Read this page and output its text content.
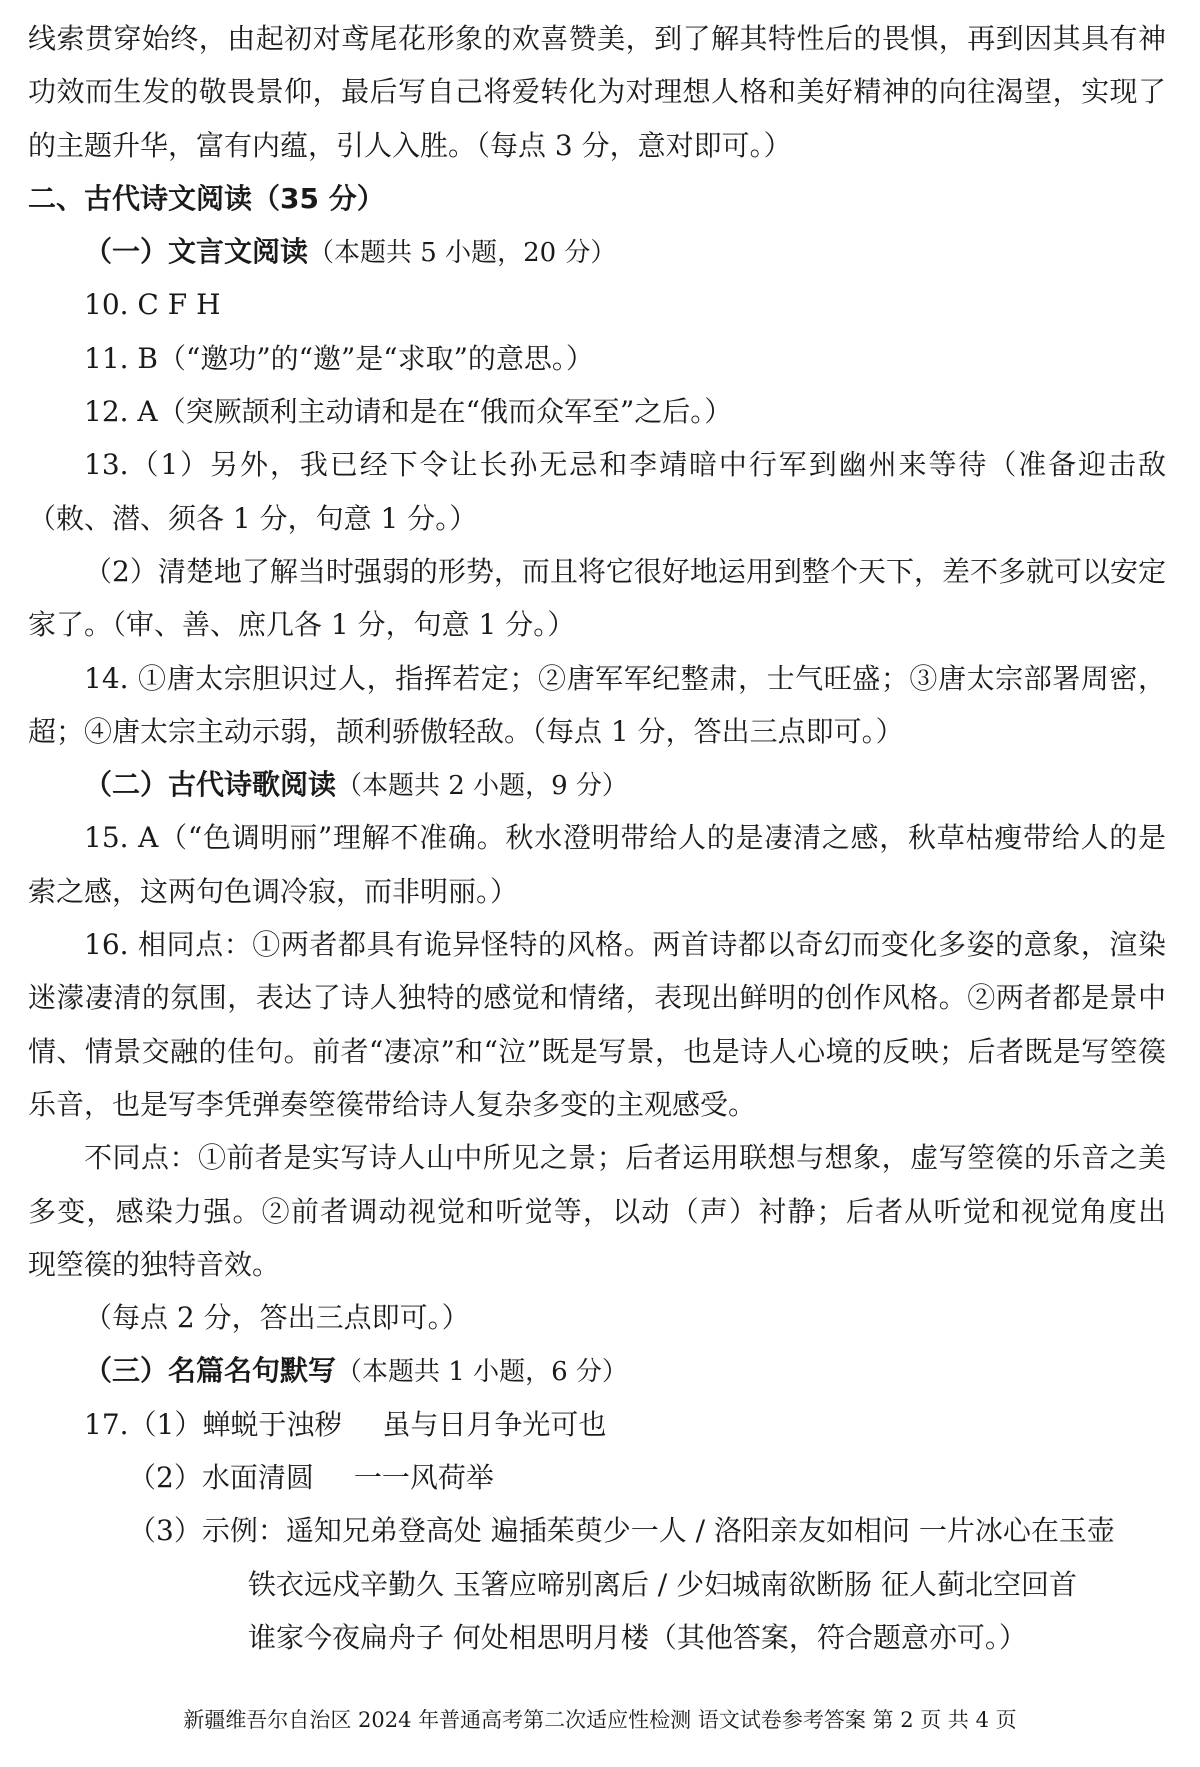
线索贯穿始终，由起初对鸢尾花形象的欢喜赞美，到了解其特性后的畏惧，再到因其具有神

功效而生发的敬畏景仰，最后写自己将爱转化为对理想人格和美好精神的向往渴望，实现了

的主题升华，富有内蕴，引人入胜。（每点 3 分，意对即可。）

二、古代诗文阅读（35 分）

（一）文言文阅读（本题共 5 小题，20 分）

10. C F H

11. B（“邀功”的“邀”是“求取”的意思。）

12. A（突厥颉利主动请和是在“俄而众军至”之后。）

13.（1）另外，我已经下令让长孙无忌和李靖暗中行军到幽州来等待（准备迎击敌

（敕、潜、须各 1 分，句意 1 分。）

（2）清楚地了解当时强弱的形势，而且将它很好地运用到整个天下，差不多就可以安定

家了。（审、善、庶几各 1 分，句意 1 分。）

14. ①唐太宗胆识过人，指挥若定；②唐军军纪整肃，士气旺盛；③唐太宗部署周密，

超；④唐太宗主动示弱，颉利骄傲轻敌。（每点 1 分，答出三点即可。）

（二）古代诗歌阅读（本题共 2 小题，9 分）

15. A（“色调明丽”理解不准确。秋水澄明带给人的是凄清之感，秋草枯瘦带给人的是

索之感，这两句色调冷寂，而非明丽。）

16. 相同点：①两者都具有诡异怪特的风格。两首诗都以奇幻而变化多姿的意象，渲染

迷濛凄清的氛围，表达了诗人独特的感觉和情绪，表现出鲜明的创作风格。②两者都是景中

情、情景交融的佳句。前者“凄凉”和“泣”既是写景，也是诗人心境的反映；后者既是写箜篌

乐音，也是写李凭弹奏箜篌带给诗人复杂多变的主观感受。

不同点：①前者是实写诗人山中所见之景；后者运用联想与想象，虚写箜篌的乐音之美

多变，感染力强。②前者调动视觉和听觉等，以动（声）衬静；后者从听觉和视觉角度出

现箜篌的独特音效。

（每点 2 分，答出三点即可。）

（三）名篇名句默写（本题共 1 小题，6 分）

17.（1）蝉蜕于浊秽 虽与日月争光可也

（2）水面清圆 一一风荷举

（3）示例：遥知兄弟登高处 遍插茱萸少一人 / 洛阳亲友如相问 一片冰心在玉壶

铁衣远戍辛勤久 玉箸应啼别离后 / 少妇城南欲断肠 征人蓟北空回首

谁家今夜扁舟子 何处相思明月楼（其他答案，符合题意亦可。）

新疆维吾尔自治区 2024 年普通高考第二次适应性检测 语文试卷参考答案 第 2 页 共 4 页
